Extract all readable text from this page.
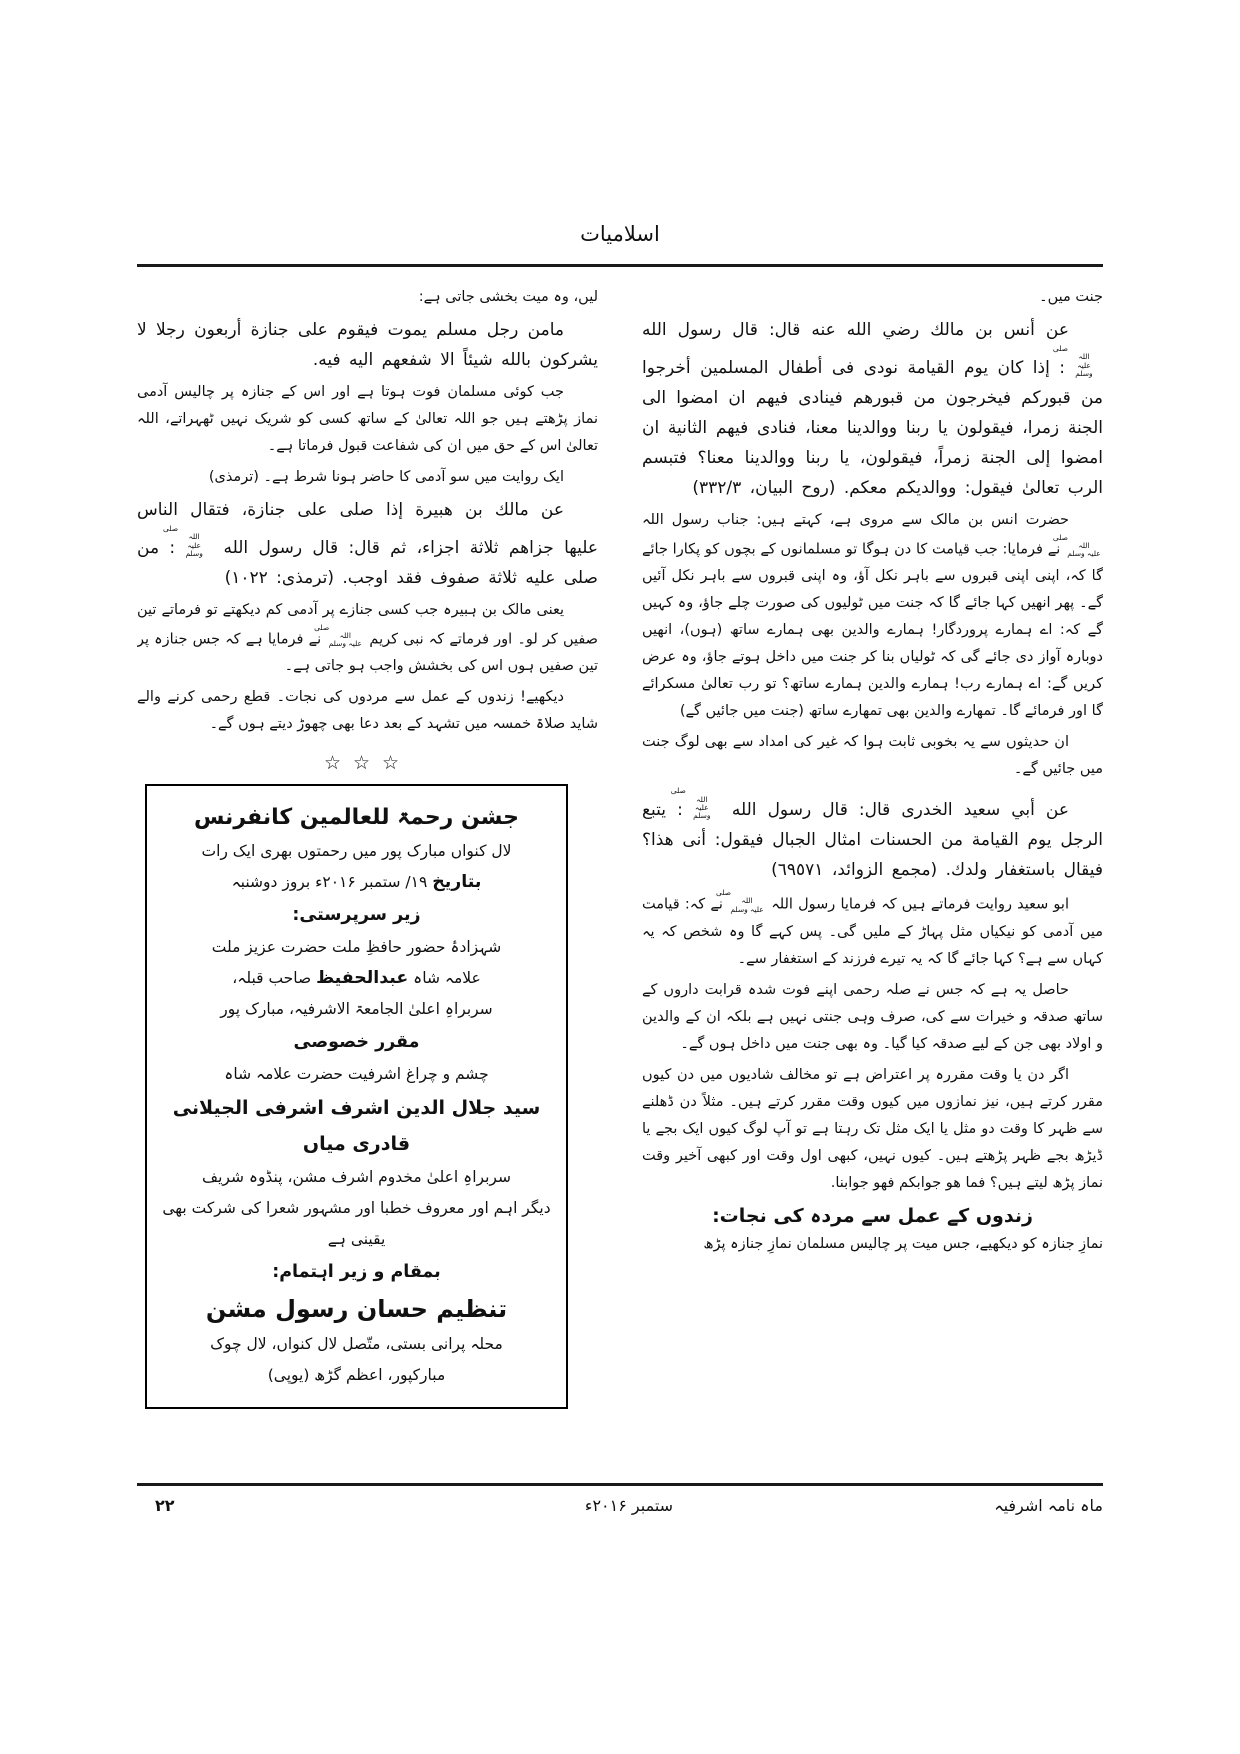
اسلامیات

جنت میں۔

عن أنس بن مالك رضي الله عنه قال: قال رسول الله صلی اللہ
علیہ وسلم: إذا كان يوم القيامة نودى فى أطفال المسلمين أخرجوا من قبوركم فيخرجون من قبورهم فينادى فيهم ان امضوا الى الجنة زمرا، فيقولون يا ربنا ووالدينا معنا، فنادى فيهم الثانية ان امضوا إلى الجنة زمراً، فيقولون، يا ربنا ووالدينا معنا؟ فتبسم الرب تعالىٰ فيقول: ووالديكم معكم. (روح البیان، ۳۳۲/۳)

حضرت انس بن مالک سے مروی ہے، کہتے ہیں: جناب رسول اللہ صلی اللہ
علیہ وسلم نے فرمایا: جب قیامت کا دن ہوگا تو مسلمانوں کے بچوں کو پکارا جائے گا کہ، اپنی اپنی قبروں سے باہر نکل آؤ، وہ اپنی قبروں سے باہر نکل آئیں گے۔ پھر انھیں کہا جائے گا کہ جنت میں ٹولیوں کی صورت چلے جاؤ، وہ کہیں گے کہ: اے ہمارے پروردگار! ہمارے والدین بھی ہمارے ساتھ (ہوں)، انھیں دوبارہ آواز دی جائے گی کہ ٹولیاں بنا کر جنت میں داخل ہوتے جاؤ، وہ عرض کریں گے: اے ہمارے رب! ہمارے والدین ہمارے ساتھ؟ تو رب تعالیٰ مسکرائے گا اور فرمائے گا۔ تمھارے والدین بھی تمھارے ساتھ (جنت میں جائیں گے)

ان حدیثوں سے یہ بخوبی ثابت ہوا کہ غیر کی امداد سے بھی لوگ جنت میں جائیں گے۔

عن أبي سعيد الخدرى قال: قال رسول الله صلی اللہ
علیہ وسلم: يتبع الرجل يوم القيامة من الحسنات امثال الجبال فيقول: أنى هذا؟ فيقال باستغفار ولدك. (مجمع الزوائد، ٦٩٥٧١)

ابو سعید روایت فرماتے ہیں کہ فرمایا رسول اللہ صلی اللہ
علیہ وسلم نے کہ: قیامت میں آدمی کو نیکیاں مثل پہاڑ کے ملیں گی۔ پس کہے گا وہ شخص کہ یہ کہاں سے ہے؟ کہا جائے گا کہ یہ تیرے فرزند کے استغفار سے۔

حاصل یہ ہے کہ جس نے صلہ رحمی اپنے فوت شدہ قرابت داروں کے ساتھ صدقہ و خیرات سے کی، صرف وہی جنتی نہیں ہے بلکہ ان کے والدین و اولاد بھی جن کے لیے صدقہ کیا گیا۔ وہ بھی جنت میں داخل ہوں گے۔

اگر دن یا وقت مقررہ پر اعتراض ہے تو مخالف شادیوں میں دن کیوں مقرر کرتے ہیں، نیز نمازوں میں کیوں وقت مقرر کرتے ہیں۔ مثلاً دن ڈھلنے سے ظہر کا وقت دو مثل یا ایک مثل تک رہتا ہے تو آپ لوگ کیوں ایک بجے یا ڈیڑھ بجے ظہر پڑھتے ہیں۔ کیوں نہیں، کبھی اول وقت اور کبھی آخیر وقت نماز پڑھ لیتے ہیں؟ فما ھو جوابکم فھو جوابنا.

زندوں کے عمل سے مردہ کی نجات:

نمازِ جنازہ کو دیکھیے، جس میت پر چالیس مسلمان نمازِ جنازہ پڑھ

لیں، وہ میت بخشی جاتی ہے:

مامن رجل مسلم يموت فيقوم على جنازة أربعون رجلا لا يشركون بالله شيئاً الا شفعهم اليه فيه.

جب کوئی مسلمان فوت ہوتا ہے اور اس کے جنازہ پر چالیس آدمی نماز پڑھتے ہیں جو اللہ تعالیٰ کے ساتھ کسی کو شریک نہیں ٹھہراتے، اللہ تعالیٰ اس کے حق میں ان کی شفاعت قبول فرماتا ہے۔

ایک روایت میں سو آدمی کا حاضر ہونا شرط ہے۔ (ترمذی)

عن مالك بن هبيرة إذا صلى على جنازة، فتقال الناس عليها جزاهم ثلاثة اجزاء، ثم قال: قال رسول الله صلی اللہ
علیہ وسلم: من صلى عليه ثلاثة صفوف فقد اوجب. (ترمذی: ۱۰۲۲)

یعنی مالک بن ہبیرہ جب کسی جنازے پر آدمی کم دیکھتے تو فرماتے تین صفیں کر لو۔ اور فرماتے کہ نبی کریم صلی اللہ
علیہ وسلم نے فرمایا ہے کہ جس جنازہ پر تین صفیں ہوں اس کی بخشش واجب ہو جاتی ہے۔

دیکھیے! زندوں کے عمل سے مردوں کی نجات۔ قطع رحمی کرنے والے شاید صلاۃ خمسہ میں تشہد کے بعد دعا بھی چھوڑ دیتے ہوں گے۔

☆☆☆
جشن رحمۃ للعالمین کانفرنس
لال کنواں مبارک پور میں رحمتوں بھری ایک رات
بتاریخ ۱۹/ ستمبر ۲۰۱۶ء بروز دوشنبہ
زیر سرپرستی:
شہزادۂ حضور حافظِ ملت حضرت عزیز ملت
علامہ شاہ عبدالحفیظ صاحب قبلہ،
سربراہِ اعلیٰ الجامعۃ الاشرفیہ، مبارک پور
مقرر خصوصی
چشم و چراغ اشرفیت حضرت علامہ شاہ
سید جلال الدین اشرف اشرفی الجیلانی قادری میاں
سربراہِ اعلیٰ مخدوم اشرف مشن، پنڈوہ شریف
دیگر اہم اور معروف خطبا اور مشہور شعرا کی شرکت بھی یقینی ہے
بمقام و زیر اہتمام:
تنظیم حسان رسول مشن
محلہ پرانی بستی، متّصل لال کنواں، لال چوک
مبارکپور، اعظم گڑھ (یوپی)
ماہ نامہ اشرفیہ
ستمبر ۲۰۱۶ء
۲۲
